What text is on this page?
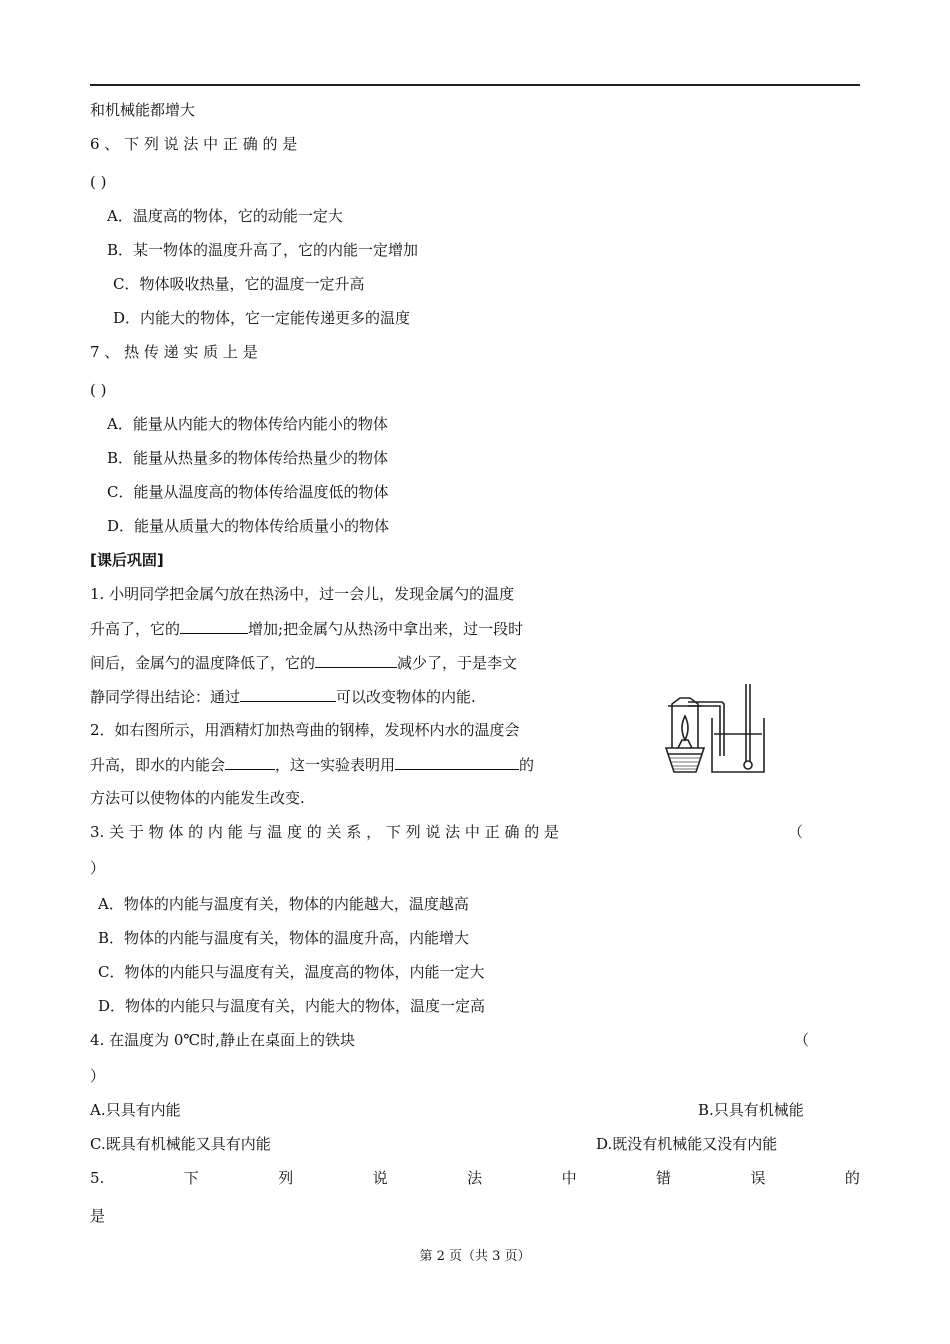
和机械能都增大
6 、 下 列 说 法 中 正 确 的 是
( )
A．温度高的物体，它的动能一定大
B．某一物体的温度升高了，它的内能一定增加
C．物体吸收热量，它的温度一定升高
D．内能大的物体，它一定能传递更多的温度
7 、 热 传 递 实 质 上 是
( )
A．能量从内能大的物体传给内能小的物体
B．能量从热量多的物体传给热量少的物体
C．能量从温度高的物体传给温度低的物体
D．能量从质量大的物体传给质量小的物体
[课后巩固]
1. 小明同学把金属勺放在热汤中，过一会儿，发现金属勺的温度
升高了，它的	增加;把金属勺从热汤中拿出来，过一段时
间后，金属勺的温度降低了，它的	减少了，于是李文
静同学得出结论：通过	可以改变物体的内能.
2．如右图所示，用酒精灯加热弯曲的钢棒，发现杯内水的温度会
升高，即水的内能会	，这一实验表明用	的
方法可以使物体的内能发生改变.
3. 关 于 物 体 的 内 能 与 温 度 的 关 系 ， 下 列 说 法 中 正 确 的 是	（
）
A．物体的内能与温度有关，物体的内能越大，温度越高
B．物体的内能与温度有关，物体的温度升高，内能增大
C．物体的内能只与温度有关，温度高的物体，内能一定大
D．物体的内能只与温度有关，内能大的物体，温度一定高
4. 在温度为 0℃时,静止在桌面上的铁块	（
）
A.只具有内能	B.只具有机械能
C.既具有机械能又具有内能	D.既没有机械能又没有内能
5.	下	列	说	法	中	错	误	的
是
第 2 页（共 3 页）
